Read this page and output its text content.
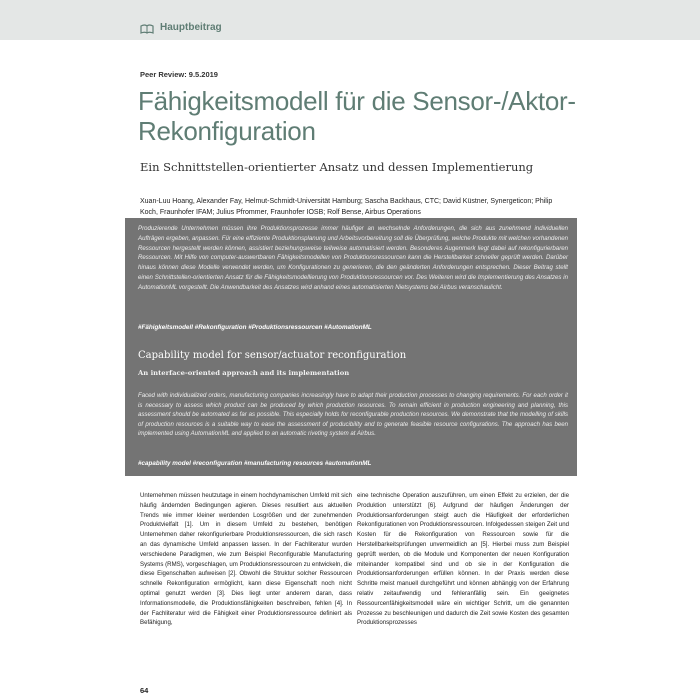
Hauptbeitrag
Peer Review: 9.5.2019
Fähigkeitsmodell für die Sensor-/Aktor-Rekonfiguration
Ein Schnittstellen-orientierter Ansatz und dessen Implementierung
Xuan-Luu Hoang, Alexander Fay, Helmut-Schmidt-Universität Hamburg; Sascha Backhaus, CTC; David Küstner, Synergeticon; Philip Koch, Fraunhofer IFAM; Julius Pfrommer, Fraunhofer IOSB; Rolf Bense, Airbus Operations
Produzierende Unternehmen müssen ihre Produktionsprozesse immer häufiger an wechselnde Anforderungen, die sich aus zunehmend individuellen Aufträgen ergeben, anpassen. Für eine effiziente Produktionsplanung und Arbeitsvorbereitung soll die Überprüfung, welche Produkte mit welchen vorhandenen Ressourcen hergestellt werden können, assistiert beziehungsweise teilweise automatisiert werden. Besonderes Augenmerk liegt dabei auf rekonfigurierbaren Ressourcen. Mit Hilfe von computer-auswertbaren Fähigkeitsmodellen von Produktionsressourcen kann die Herstellbarkeit schneller geprüft werden. Darüber hinaus können diese Modelle verwendet werden, um Konfigurationen zu generieren, die den geänderten Anforderungen entsprechen. Dieser Beitrag stellt einen Schnittstellen-orientierten Ansatz für die Fähigkeitsmodellierung von Produktionsressourcen vor. Des Weiteren wird die Implementierung des Ansatzes in AutomationML vorgestellt. Die Anwendbarkeit des Ansatzes wird anhand eines automatisierten Nietsystems bei Airbus veranschaulicht.
#Fähigkeitsmodell #Rekonfiguration #Produktionsressourcen #AutomationML
Capability model for sensor/actuator reconfiguration
An interface-oriented approach and its implementation
Faced with individualized orders, manufacturing companies increasingly have to adapt their production processes to changing requirements. For each order it is necessary to assess which product can be produced by which production resources. To remain efficient in production engineering and planning, this assessment should be automated as far as possible. This especially holds for reconfigurable production resources. We demonstrate that the modelling of skills of production resources is a suitable way to ease the assessment of producibility and to generate feasible resource configurations. The approach has been implemented using AutomationML and applied to an automatic riveting system at Airbus.
#capability model #reconfiguration #manufacturing resources #automationML
Unternehmen müssen heutzutage in einem hochdynamischen Umfeld mit sich häufig ändernden Bedingungen agieren. Dieses resultiert aus aktuellen Trends wie immer kleiner werdenden Losgrößen und der zunehmenden Produktvielfalt [1]. Um in diesem Umfeld zu bestehen, benötigen Unternehmen daher rekonfigurierbare Produktionsressourcen, die sich rasch an das dynamische Umfeld anpassen lassen. In der Fachliteratur wurden verschiedene Paradigmen, wie zum Beispiel Reconfigurable Manufacturing Systems (RMS), vorgeschlagen, um Produktionsressourcen zu entwickeln, die diese Eigenschaften aufweisen [2]. Obwohl die Struktur solcher Ressourcen schnelle Rekonfiguration ermöglicht, kann diese Eigenschaft noch nicht optimal genutzt werden [3]. Dies liegt unter anderem daran, dass Informationsmodelle, die Produktionsfähigkeiten beschreiben, fehlen [4]. In der Fachliteratur wird die Fähigkeit einer Produktionsressource definiert als Befähigung,
eine technische Operation auszuführen, um einen Effekt zu erzielen, der die Produktion unterstützt [6]. Aufgrund der häufigen Änderungen der Produktionsanforderungen steigt auch die Häufigkeit der erforderlichen Rekonfigurationen von Produktionsressourcen. Infolgedessen steigen Zeit und Kosten für die Rekonfiguration von Ressourcen sowie für die Herstellbarkeitsprüfungen unvermeidlich an [5]. Hierbei muss zum Beispiel geprüft werden, ob die Module und Komponenten der neuen Konfiguration miteinander kompatibel sind und ob sie in der Konfiguration die Produktionsanforderungen erfüllen können. In der Praxis werden diese Schritte meist manuell durchgeführt und können abhängig von der Erfahrung relativ zeitaufwendig und fehleranfällig sein. Ein geeignetes Ressourcenfähigkeitsmodell wäre ein wichtiger Schritt, um die genannten Prozesse zu beschleunigen und dadurch die Zeit sowie Kosten des gesamten Produktionsprozesses
64
